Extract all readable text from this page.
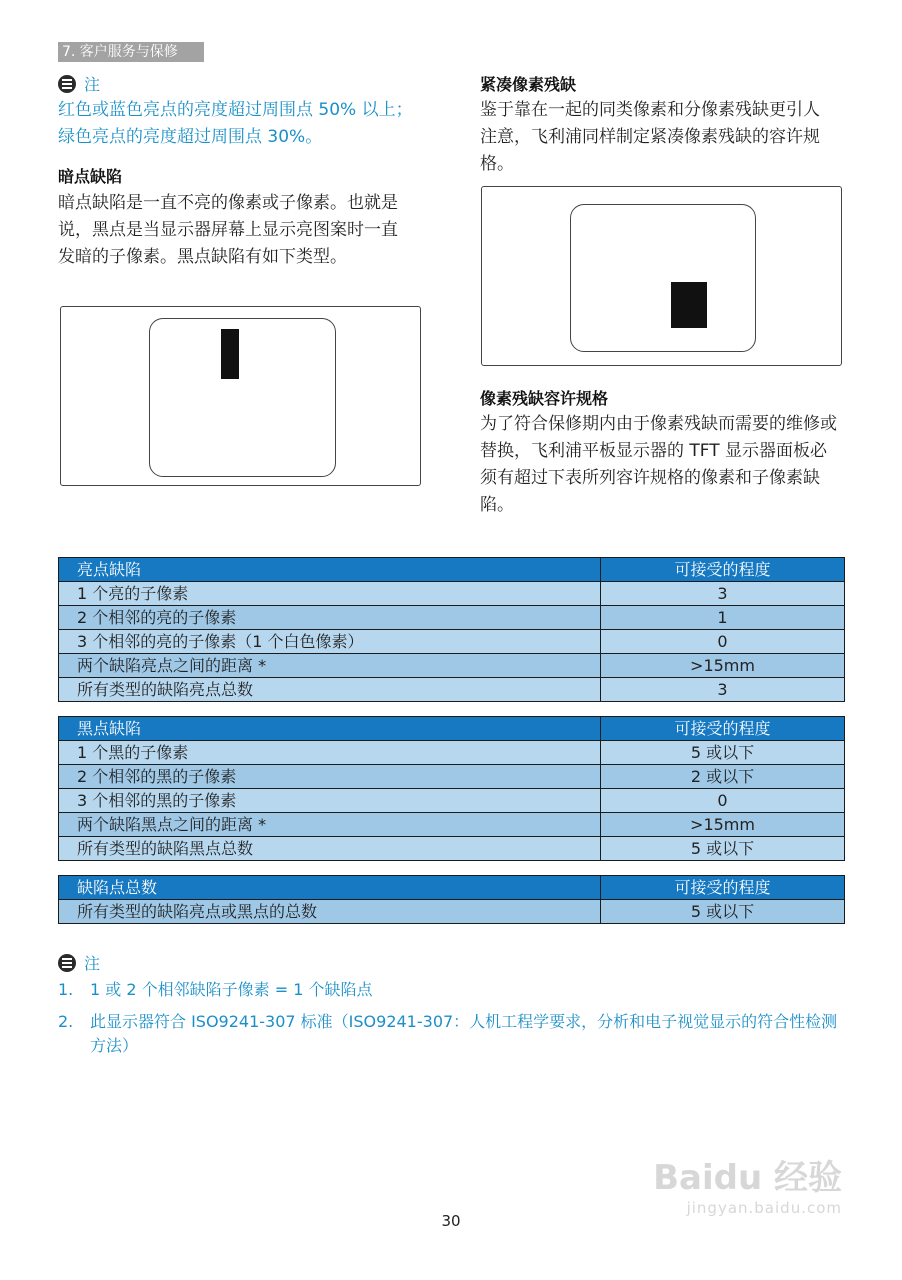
7. 客户服务与保修
注
红色或蓝色亮点的亮度超过周围点 50% 以上；绿色亮点的亮度超过周围点 30%。
暗点缺陷
暗点缺陷是一直不亮的像素或子像素。也就是说，黑点是当显示器屏幕上显示亮图案时一直发暗的子像素。黑点缺陷有如下类型。
紧凑像素残缺
鉴于靠在一起的同类像素和分像素残缺更引人注意，飞利浦同样制定紧凑像素残缺的容许规格。
像素残缺容许规格
为了符合保修期内由于像素残缺而需要的维修或替换，飞利浦平板显示器的 TFT 显示器面板必须有超过下表所列容许规格的像素和子像素缺陷。
亮点缺陷	可接受的程度
1 个亮的子像素	3
2 个相邻的亮的子像素	1
3 个相邻的亮的子像素（1 个白色像素）	0
两个缺陷亮点之间的距离 *	>15mm
所有类型的缺陷亮点总数	3
黑点缺陷	可接受的程度
1 个黑的子像素	5 或以下
2 个相邻的黑的子像素	2 或以下
3 个相邻的黑的子像素	0
两个缺陷黑点之间的距离 *	>15mm
所有类型的缺陷黑点总数	5 或以下
缺陷点总数	可接受的程度
所有类型的缺陷亮点或黑点的总数	5 或以下
注
1.	1 或 2 个相邻缺陷子像素 = 1 个缺陷点
2.	此显示器符合 ISO9241-307 标准（ISO9241-307：人机工程学要求，分析和电子视觉显示的符合性检测方法）
Baidu 经验
jingyan.baidu.com
30
